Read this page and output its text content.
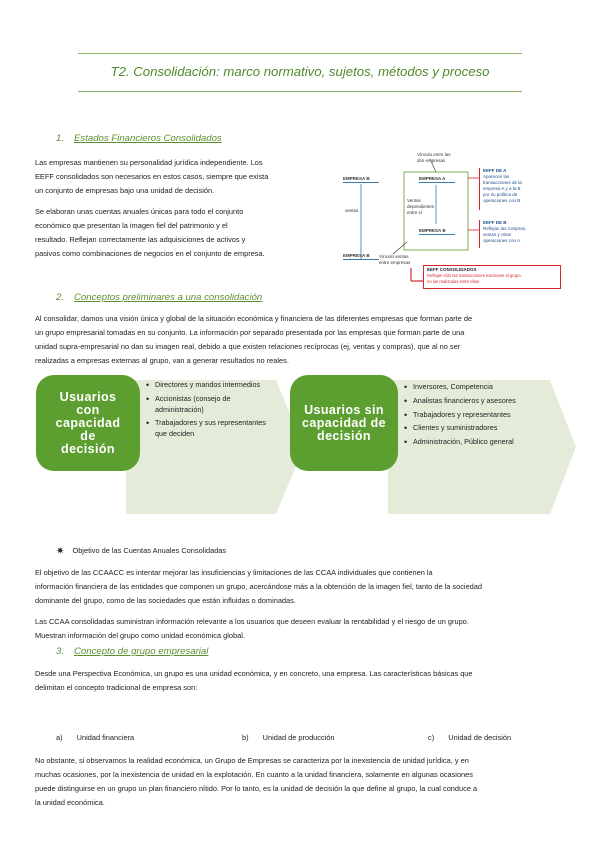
T2. Consolidación: marco normativo, sujetos, métodos y proceso
1. Estados Financieros Consolidados
Las empresas mantienen su personalidad jurídica independiente. Los
EEFF consolidados son necesarios en estos casos, siempre que exista
un conjunto de empresas bajo una unidad de decisión.
Se elaboran unas cuentas anuales únicas para todo el conjunto
económico que presentan la imagen fiel del patrimonio y el
resultado. Reflejan correctamente las adquisiciones de activos y
pasivos como combinaciones de negocios en el conjunto de empresa.
Vínculo entre las
dos empresas
EMPRESA B	EMPRESA A
ventas
Ventas
dependientes
entre sí
EMPRESA B
EMPRESA B	Vínculo ventas
entre empresas
EEFF DE A
Aparecen las
transacciones de la
empresa A y a la B
por su política de
operaciones con B
EEFF DE B
Reflejan las compras,
ventas y otras
operaciones con A
EEFF CONSOLIDADOS
Reflejan sólo las transacciones exteriores al grupo,
no las realizadas entre ellas
2. Conceptos preliminares a una consolidación
Al consolidar, damos una visión única y global de la situación económica y financiera de las diferentes empresas que forman parte de
un grupo empresarial tomadas en su conjunto. La información por separado presentada por las empresas que forman parte de una
unidad supra-empresarial no dan su imagen real, debido a que existen relaciones recíprocas (ej, ventas y compras), que al no ser
realizadas a empresas externas al grupo, van a generar resultados no reales.
Usuarios
con
capacidad
de
decisión
• Directores y mandos intermedios
• Accionistas (consejo de administración)
• Trabajadores y sus representantes que deciden
Usuarios sin
capacidad de
decisión
• Inversores, Competencia
• Analistas financieros y asesores
• Trabajadores y representantes
• Clientes y suministradores
• Administración, Público general
✷ Objetivo de las Cuentas Anuales Consolidadas
El objetivo de las CCAACC es intentar mejorar las insuficiencias y limitaciones de las CCAA individuales que contienen la
información financiera de las entidades que componen un grupo, acercándose más a la obtención de la imagen fiel, tanto de la sociedad
dominante del grupo, como de las sociedades que están influidas o dominadas.
Las CCAA consolidadas suministran información relevante a los usuarios que deseen evaluar la rentabilidad y el riesgo de un grupo.
Muestran información del grupo como unidad económica global.
3. Concepto de grupo empresarial
Desde una Perspectiva Económica, un grupo es una unidad económica, y en concreto, una empresa. Las características básicas que
delimitan el concepto tradicional de empresa son:
a) Unidad financiera	b) Unidad de producción	c) Unidad de decisión
No obstante, si observamos la realidad económica, un Grupo de Empresas se caracteriza por la inexistencia de unidad jurídica, y en
muchas ocasiones, por la inexistencia de unidad en la explotación. En cuanto a la unidad financiera, solamente en algunas ocasiones
puede distinguirse en un grupo un plan financiero nítido. Por lo tanto, es la unidad de decisión la que define al grupo, la cual conduce a
la unidad económica.
